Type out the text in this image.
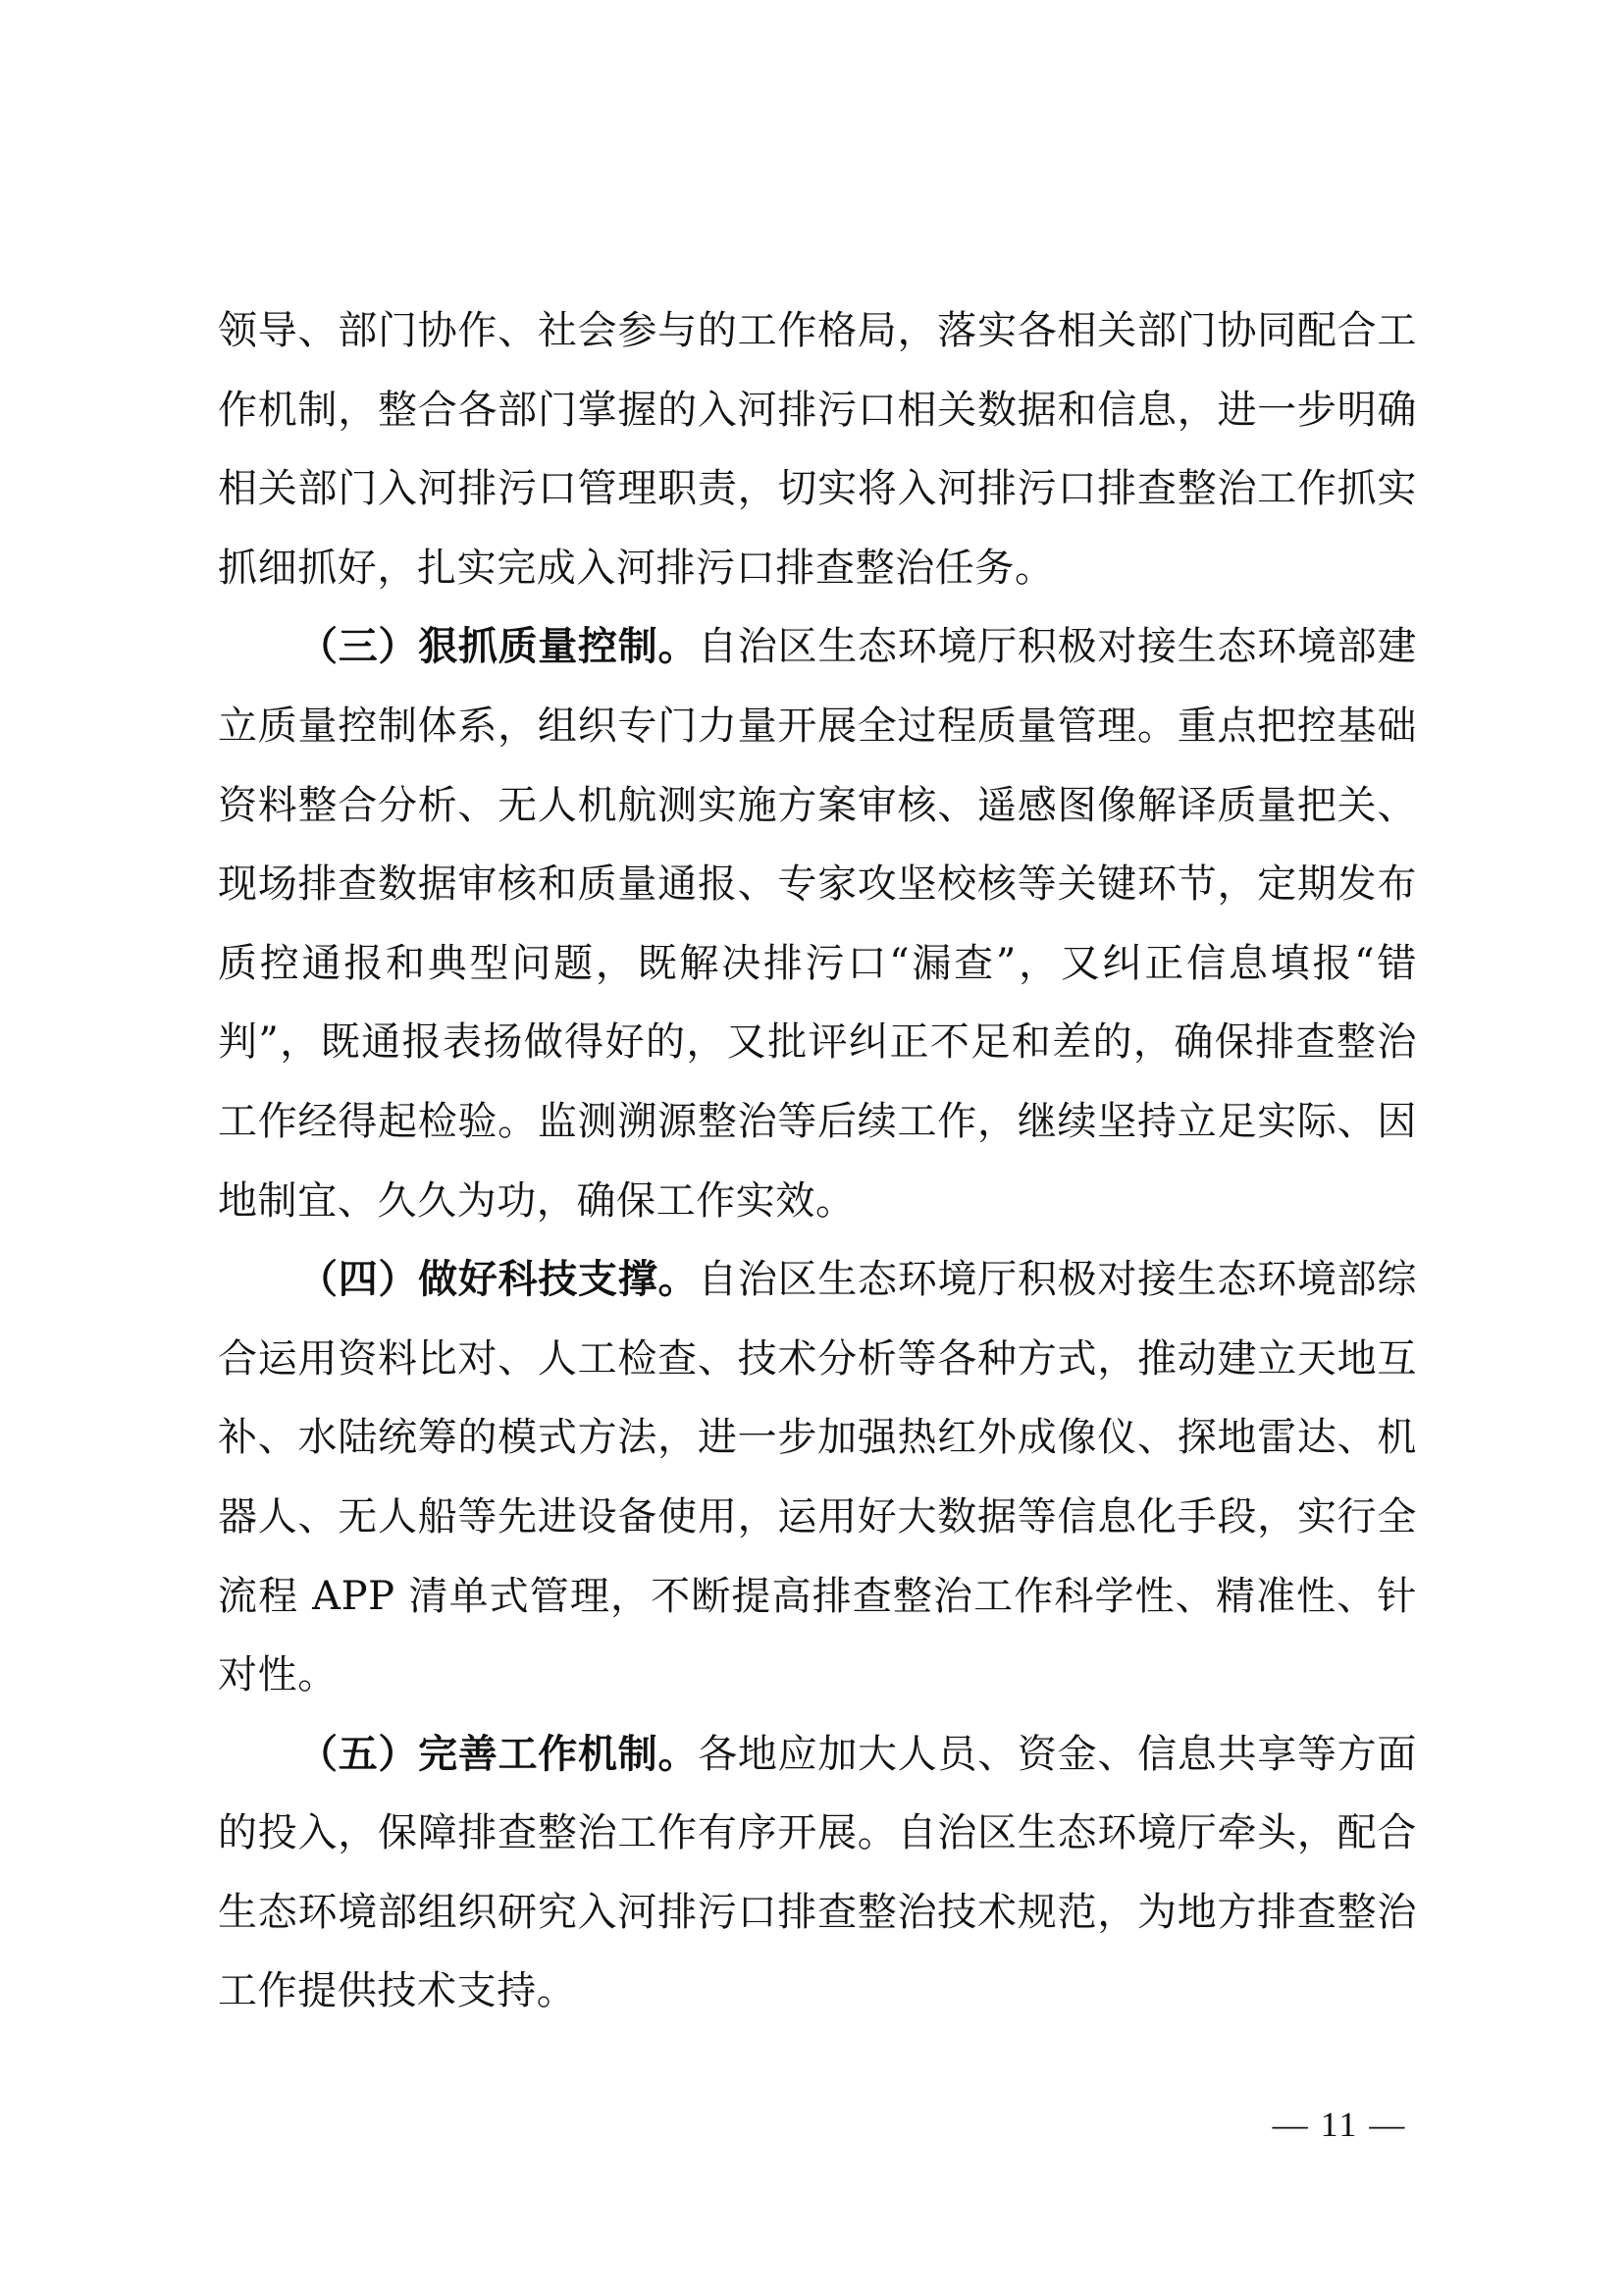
领导、部门协作、社会参与的工作格局，落实各相关部门协同配合工作机制，整合各部门掌握的入河排污口相关数据和信息，进一步明确相关部门入河排污口管理职责，切实将入河排污口排查整治工作抓实抓细抓好，扎实完成入河排污口排查整治任务。

（三）狠抓质量控制。自治区生态环境厅积极对接生态环境部建立质量控制体系，组织专门力量开展全过程质量管理。重点把控基础资料整合分析、无人机航测实施方案审核、遥感图像解译质量把关、现场排查数据审核和质量通报、专家攻坚校核等关键环节，定期发布质控通报和典型问题，既解决排污口“漏查”，又纠正信息填报“错判”，既通报表扬做得好的，又批评纠正不足和差的，确保排查整治工作经得起检验。监测溯源整治等后续工作，继续坚持立足实际、因地制宜、久久为功，确保工作实效。

（四）做好科技支撑。自治区生态环境厅积极对接生态环境部综合运用资料比对、人工检查、技术分析等各种方式，推动建立天地互补、水陆统筹的模式方法，进一步加强热红外成像仪、探地雷达、机器人、无人船等先进设备使用，运用好大数据等信息化手段，实行全流程 APP 清单式管理，不断提高排查整治工作科学性、精准性、针对性。

（五）完善工作机制。各地应加大人员、资金、信息共享等方面的投入，保障排查整治工作有序开展。自治区生态环境厅牵头，配合生态环境部组织研究入河排污口排查整治技术规范，为地方排查整治工作提供技术支持。

— 11 —
